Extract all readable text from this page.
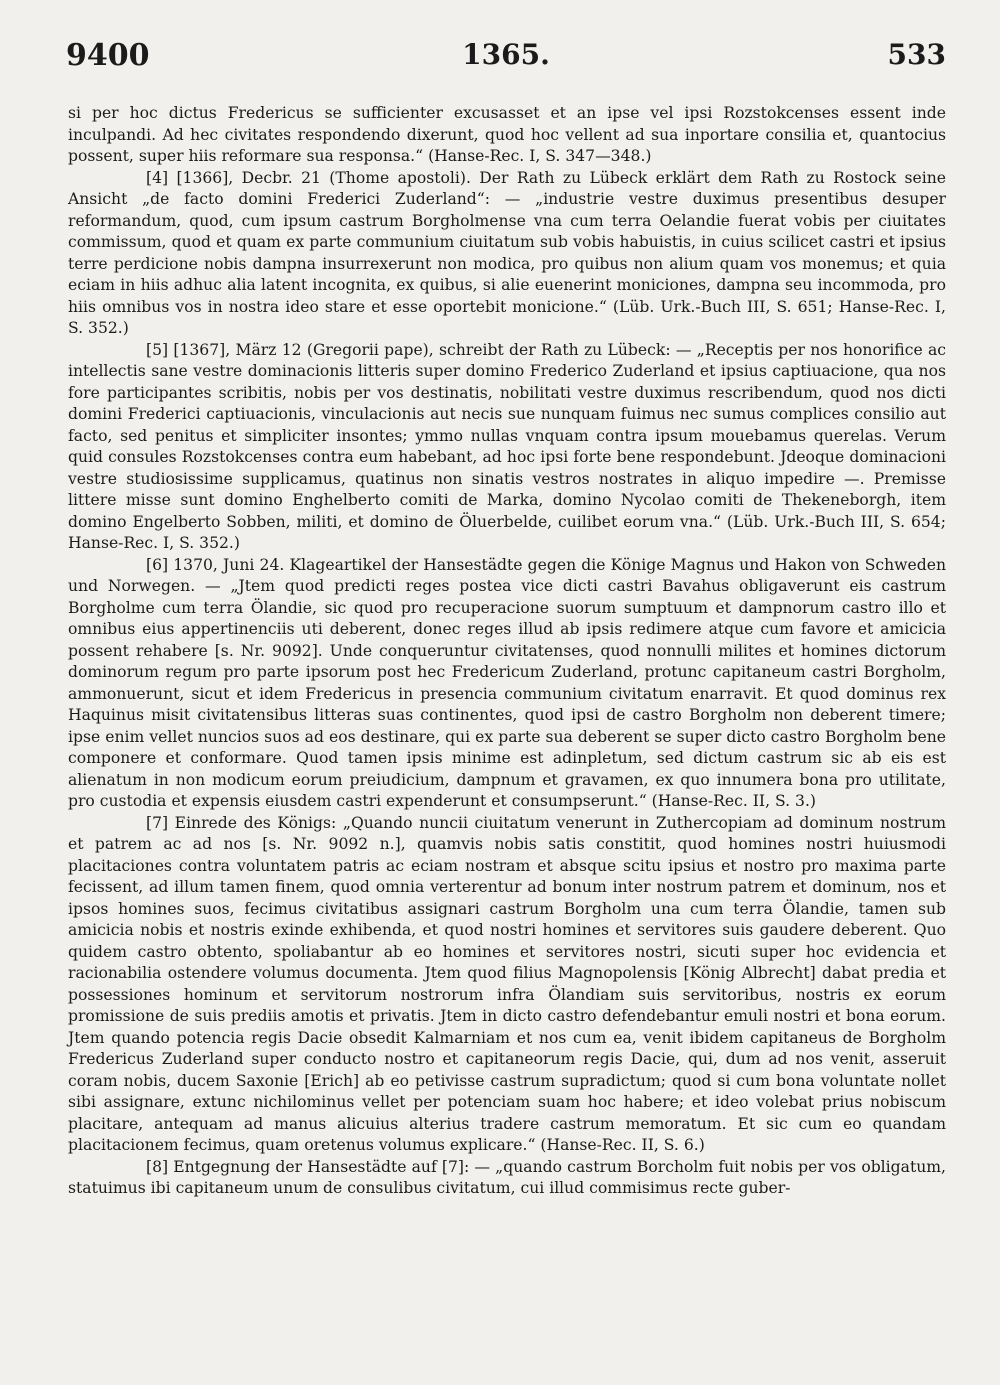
9400	1365.	533

si per hoc dictus Fredericus se sufficienter excusasset et an ipse vel ipsi Rozstokcenses essent inde inculpandi. Ad hec civitates respondendo dixerunt, quod hoc vellent ad sua inportare consilia et, quantocius possent, super hiis reformare sua responsa.“ (Hanse-Rec. I, S. 347—348.)

[4] [1366], Decbr. 21 (Thome apostoli). Der Rath zu Lübeck erklärt dem Rath zu Rostock seine Ansicht „de facto domini Frederici Zuderland“: — „industrie vestre duximus presentibus desuper reformandum, quod, cum ipsum castrum Borgholmense vna cum terra Oelandie fuerat vobis per ciuitates commissum, quod et quam ex parte communium ciuitatum sub vobis habuistis, in cuius scilicet castri et ipsius terre perdicione nobis dampna insurrexerunt non modica, pro quibus non alium quam vos monemus; et quia eciam in hiis adhuc alia latent incognita, ex quibus, si alie euenerint moniciones, dampna seu incommoda, pro hiis omnibus vos in nostra ideo stare et esse oportebit monicione.“ (Lüb. Urk.-Buch III, S. 651; Hanse-Rec. I, S. 352.)

[5] [1367], März 12 (Gregorii pape), schreibt der Rath zu Lübeck: — „Receptis per nos honorifice ac intellectis sane vestre dominacionis litteris super domino Frederico Zuderland et ipsius captiuacione, qua nos fore participantes scribitis, nobis per vos destinatis, nobilitati vestre duximus rescribendum, quod nos dicti domini Frederici captiuacionis, vinculacionis aut necis sue nunquam fuimus nec sumus complices consilio aut facto, sed penitus et simpliciter insontes; ymmo nullas vnquam contra ipsum mouebamus querelas. Verum quid consules Rozstokcenses contra eum habebant, ad hoc ipsi forte bene respondebunt. Jdeoque dominacioni vestre studiosissime supplicamus, quatinus non sinatis vestros nostrates in aliquo impedire —. Premisse littere misse sunt domino Enghelberto comiti de Marka, domino Nycolao comiti de Thekeneborgh, item domino Engelberto Sobben, militi, et domino de Öluerbelde, cuilibet eorum vna.“ (Lüb. Urk.-Buch III, S. 654; Hanse-Rec. I, S. 352.)

[6] 1370, Juni 24. Klageartikel der Hansestädte gegen die Könige Magnus und Hakon von Schweden und Norwegen. — „Jtem quod predicti reges postea vice dicti castri Bavahus obligaverunt eis castrum Borgholme cum terra Ölandie, sic quod pro recuperacione suorum sumptuum et dampnorum castro illo et omnibus eius appertinenciis uti deberent, donec reges illud ab ipsis redimere atque cum favore et amicicia possent rehabere [s. Nr. 9092]. Unde conqueruntur civitatenses, quod nonnulli milites et homines dictorum dominorum regum pro parte ipsorum post hec Fredericum Zuderland, protunc capitaneum castri Borgholm, ammonuerunt, sicut et idem Fredericus in presencia communium civitatum enarravit. Et quod dominus rex Haquinus misit civitatensibus litteras suas continentes, quod ipsi de castro Borgholm non deberent timere; ipse enim vellet nuncios suos ad eos destinare, qui ex parte sua deberent se super dicto castro Borgholm bene componere et conformare. Quod tamen ipsis minime est adinpletum, sed dictum castrum sic ab eis est alienatum in non modicum eorum preiudicium, dampnum et gravamen, ex quo innumera bona pro utilitate, pro custodia et expensis eiusdem castri expenderunt et consumpserunt.“ (Hanse-Rec. II, S. 3.)

[7] Einrede des Königs: „Quando nuncii ciuitatum venerunt in Zuthercopiam ad dominum nostrum et patrem ac ad nos [s. Nr. 9092 n.], quamvis nobis satis constitit, quod homines nostri huiusmodi placitaciones contra voluntatem patris ac eciam nostram et absque scitu ipsius et nostro pro maxima parte fecissent, ad illum tamen finem, quod omnia verterentur ad bonum inter nostrum patrem et dominum, nos et ipsos homines suos, fecimus civitatibus assignari castrum Borgholm una cum terra Ölandie, tamen sub amicicia nobis et nostris exinde exhibenda, et quod nostri homines et servitores suis gaudere deberent. Quo quidem castro obtento, spoliabantur ab eo homines et servitores nostri, sicuti super hoc evidencia et racionabilia ostendere volumus documenta. Jtem quod filius Magnopolensis [König Albrecht] dabat predia et possessiones hominum et servitorum nostrorum infra Ölandiam suis servitoribus, nostris ex eorum promissione de suis prediis amotis et privatis. Jtem in dicto castro defendebantur emuli nostri et bona eorum. Jtem quando potencia regis Dacie obsedit Kalmarniam et nos cum ea, venit ibidem capitaneus de Borgholm Fredericus Zuderland super conducto nostro et capitaneorum regis Dacie, qui, dum ad nos venit, asseruit coram nobis, ducem Saxonie [Erich] ab eo petivisse castrum supradictum; quod si cum bona voluntate nollet sibi assignare, extunc nichilominus vellet per potenciam suam hoc habere; et ideo volebat prius nobiscum placitare, antequam ad manus alicuius alterius tradere castrum memoratum. Et sic cum eo quandam placitacionem fecimus, quam oretenus volumus explicare.“ (Hanse-Rec. II, S. 6.)

[8] Entgegnung der Hansestädte auf [7]: — „quando castrum Borcholm fuit nobis per vos obligatum, statuimus ibi capitaneum unum de consulibus civitatum, cui illud commisimus recte guber-
